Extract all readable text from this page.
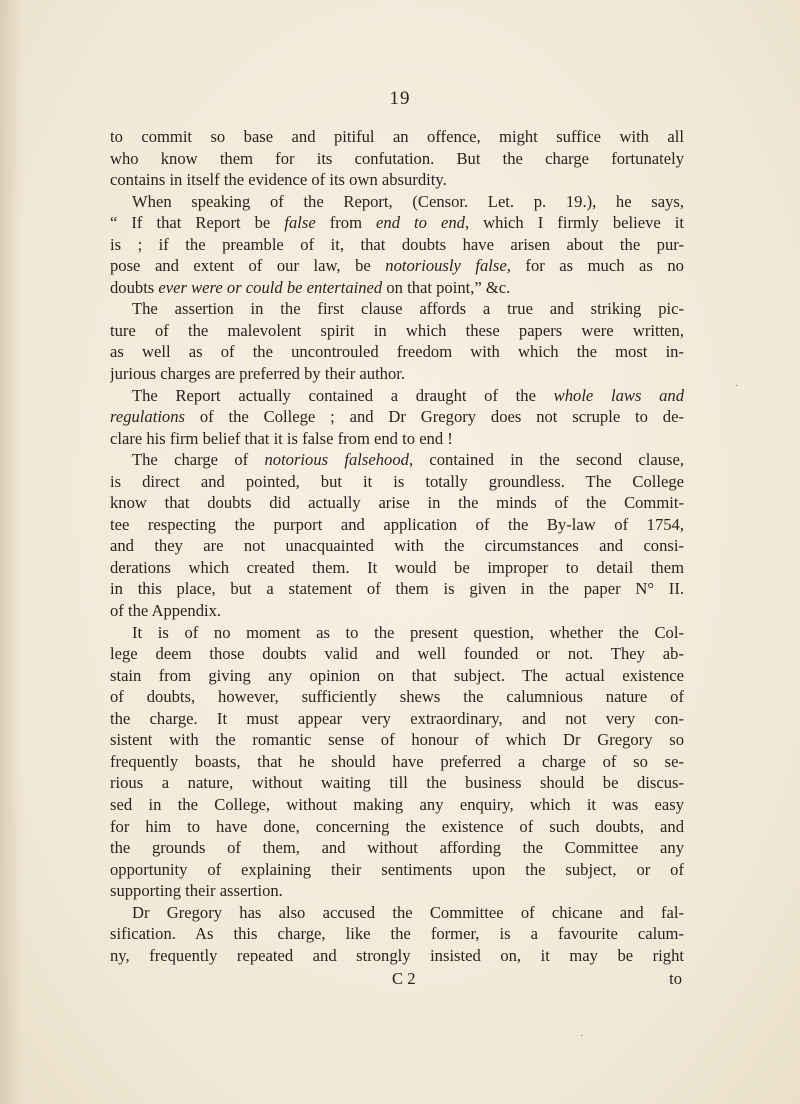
19
to commit so base and pitiful an offence, might suffice with all
who know them for its confutation. But the charge fortunately
contains in itself the evidence of its own absurdity.
When speaking of the Report, (Censor. Let. p. 19.), he says,
“ If that Report be false from end to end, which I firmly believe it
is ; if the preamble of it, that doubts have arisen about the pur-
pose and extent of our law, be notoriously false, for as much as no
doubts ever were or could be entertained on that point,” &c.
The assertion in the first clause affords a true and striking pic-
ture of the malevolent spirit in which these papers were written,
as well as of the uncontrouled freedom with which the most in-
jurious charges are preferred by their author.
The Report actually contained a draught of the whole laws and
regulations of the College ; and Dr Gregory does not scruple to de-
clare his firm belief that it is false from end to end !
The charge of notorious falsehood, contained in the second clause,
is direct and pointed, but it is totally groundless. The College
know that doubts did actually arise in the minds of the Commit-
tee respecting the purport and application of the By-law of 1754,
and they are not unacquainted with the circumstances and consi-
derations which created them. It would be improper to detail them
in this place, but a statement of them is given in the paper N° II.
of the Appendix.
It is of no moment as to the present question, whether the Col-
lege deem those doubts valid and well founded or not. They ab-
stain from giving any opinion on that subject. The actual existence
of doubts, however, sufficiently shews the calumnious nature of
the charge. It must appear very extraordinary, and not very con-
sistent with the romantic sense of honour of which Dr Gregory so
frequently boasts, that he should have preferred a charge of so se-
rious a nature, without waiting till the business should be discus-
sed in the College, without making any enquiry, which it was easy
for him to have done, concerning the existence of such doubts, and
the grounds of them, and without affording the Committee any
opportunity of explaining their sentiments upon the subject, or of
supporting their assertion.
Dr Gregory has also accused the Committee of chicane and fal-
sification. As this charge, like the former, is a favourite calum-
ny, frequently repeated and strongly insisted on, it may be right
C 2	to
·
·
